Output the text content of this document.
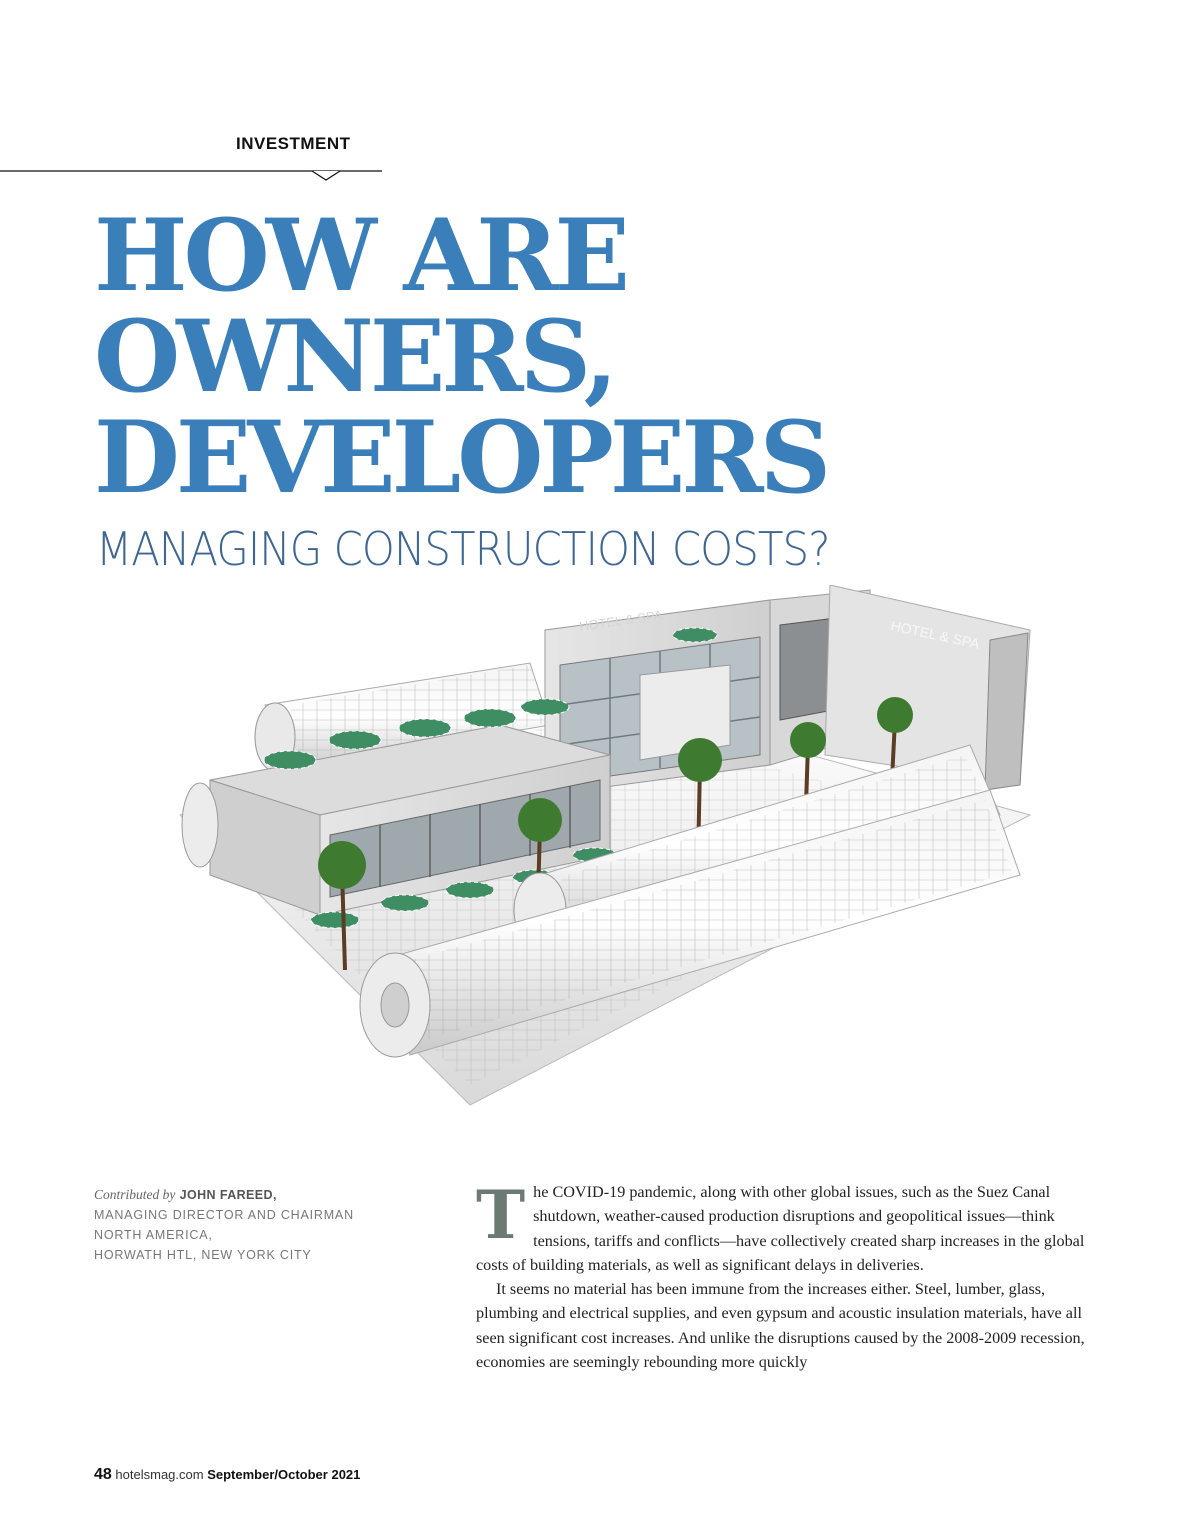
INVESTMENT
HOW ARE
OWNERS,
DEVELOPERS
MANAGING CONSTRUCTION COSTS?
HOTEL & SPA	HOTEL & SPA
Contributed by JOHN FAREED,
MANAGING DIRECTOR AND CHAIRMAN
NORTH AMERICA,
HORWATH HTL, NEW YORK CITY

The COVID-19 pandemic, along with other global issues, such as the Suez Canal shutdown, weather-caused production disruptions and geopolitical issues—think tensions, tariffs and conflicts—have collectively created sharp increases in the global costs of building materials, as well as significant delays in deliveries.

It seems no material has been immune from the increases either. Steel, lumber, glass, plumbing and electrical supplies, and even gypsum and acoustic insulation materials, have all seen significant cost increases. And unlike the disruptions caused by the 2008-2009 recession, economies are seemingly rebounding more quickly

48 hotelsmag.com September/October 2021
